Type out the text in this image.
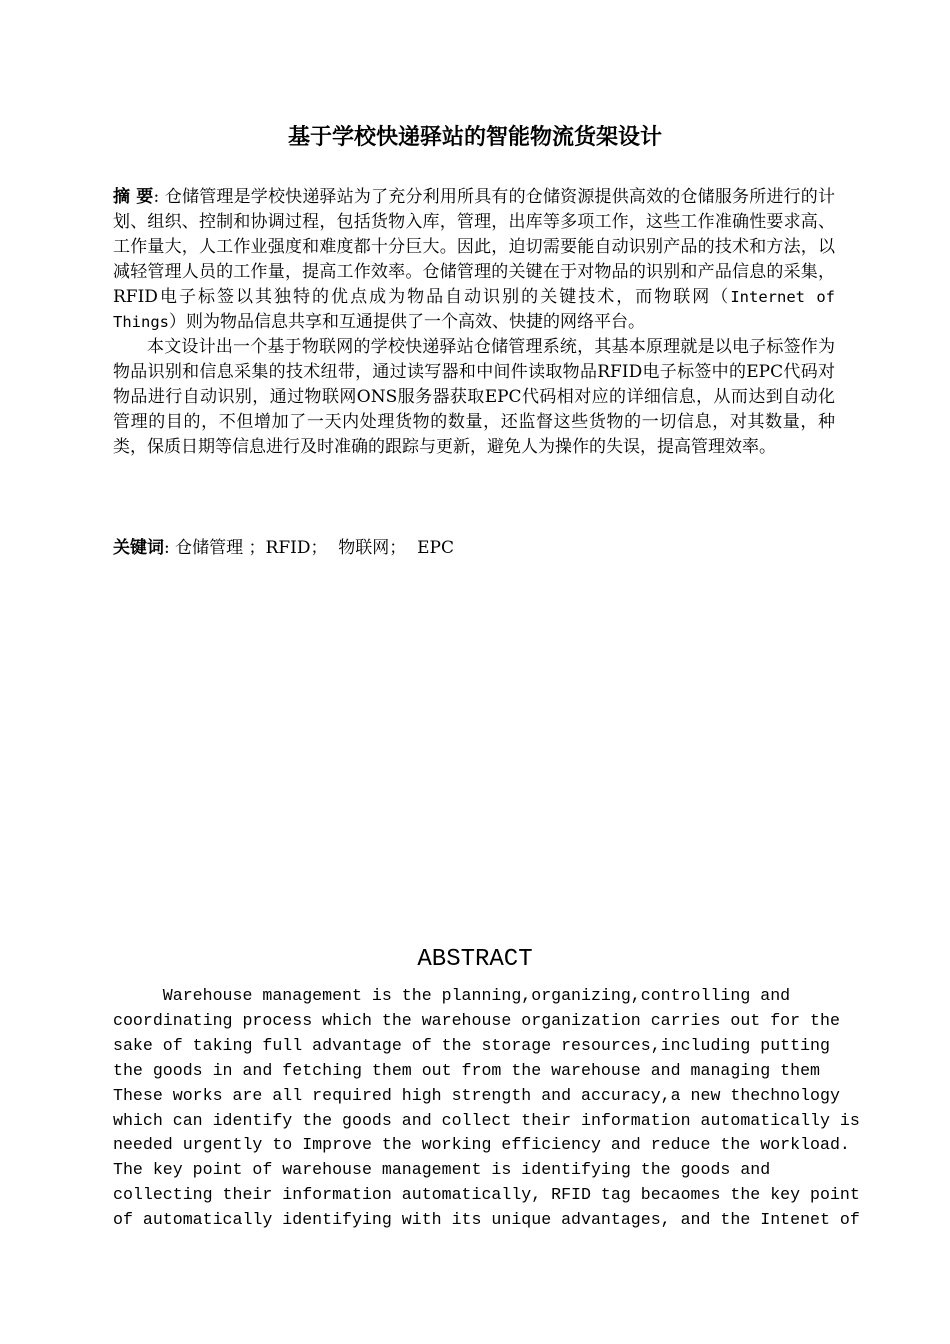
基于学校快递驿站的智能物流货架设计

摘 要: 仓储管理是学校快递驿站为了充分利用所具有的仓储资源提供高效的仓储服务所进行的计划、组织、控制和协调过程，包括货物入库，管理，出库等多项工作，这些工作准确性要求高、工作量大，人工作业强度和难度都十分巨大。因此，迫切需要能自动识别产品的技术和方法，以减轻管理人员的工作量，提高工作效率。仓储管理的关键在于对物品的识别和产品信息的采集，RFID电子标签以其独特的优点成为物品自动识别的关键技术，而物联网（Internet of Things）则为物品信息共享和互通提供了一个高效、快捷的网络平台。

本文设计出一个基于物联网的学校快递驿站仓储管理系统，其基本原理就是以电子标签作为物品识别和信息采集的技术纽带，通过读写器和中间件读取物品RFID电子标签中的EPC代码对物品进行自动识别，通过物联网ONS服务器获取EPC代码相对应的详细信息，从而达到自动化管理的目的，不但增加了一天内处理货物的数量，还监督这些货物的一切信息，对其数量，种类，保质日期等信息进行及时准确的跟踪与更新，避免人为操作的失误，提高管理效率。

关键词: 仓储管理 ；RFID；  物联网；  EPC
ABSTRACT
Warehouse management is the planning,organizing,controlling and
coordinating process which the warehouse organization carries out for the
sake of taking full advantage of the storage resources,including putting
the goods in and fetching them out from the warehouse and managing them
These works are all required high strength and accuracy,a new thechnology
which can identify the goods and collect their information automatically is
needed urgently to Improve the working efficiency and reduce the workload.
The key point of warehouse management is identifying the goods and
collecting their information automatically, RFID tag becaomes the key point
of automatically identifying with its unique advantages, and the Intenet of
